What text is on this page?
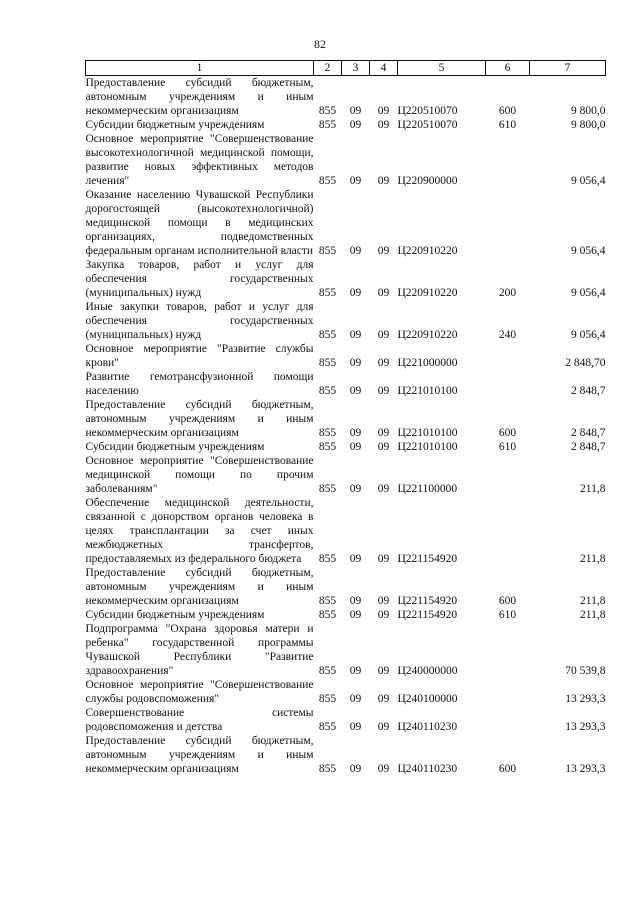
82
1	2	3	4	5	6	7
Предоставление субсидий бюджетным, автономным учреждениям и иным некоммерческим организациям	855	09	09	Ц220510070	600	9 800,0
Субсидии бюджетным учреждениям	855	09	09	Ц220510070	610	9 800,0
Основное мероприятие "Совершенствование высокотехнологичной медицинской помощи, развитие новых эффективных методов лечения"	855	09	09	Ц220900000		9 056,4
Оказание населению Чувашской Республики дорогостоящей (высокотехнологичной) медицинской помощи в медицинских организациях, подведомственных федеральным органам исполнительной власти	855	09	09	Ц220910220		9 056,4
Закупка товаров, работ и услуг для обеспечения государственных (муниципальных) нужд	855	09	09	Ц220910220	200	9 056,4
Иные закупки товаров, работ и услуг для обеспечения государственных (муниципальных) нужд	855	09	09	Ц220910220	240	9 056,4
Основное мероприятие "Развитие службы крови"	855	09	09	Ц221000000		2 848,70
Развитие гемотрансфузионной помощи населению	855	09	09	Ц221010100		2 848,7
Предоставление субсидий бюджетным, автономным учреждениям и иным некоммерческим организациям	855	09	09	Ц221010100	600	2 848,7
Субсидии бюджетным учреждениям	855	09	09	Ц221010100	610	2 848,7
Основное мероприятие "Совершенствование медицинской помощи по прочим заболеваниям"	855	09	09	Ц221100000		211,8
Обеспечение медицинской деятельности, связанной с донорством органов человека в целях трансплантации за счет иных межбюджетных трансфертов, предоставляемых из федерального бюджета	855	09	09	Ц221154920		211,8
Предоставление субсидий бюджетным, автономным учреждениям и иным некоммерческим организациям	855	09	09	Ц221154920	600	211,8
Субсидии бюджетным учреждениям	855	09	09	Ц221154920	610	211,8
Подпрограмма "Охрана здоровья матери и ребенка" государственной программы Чувашской Республики "Развитие здравоохранения"	855	09	09	Ц240000000		70 539,8
Основное мероприятие "Совершенствование службы родовспоможения"	855	09	09	Ц240100000		13 293,3
Совершенствование системы родовспоможения и детства	855	09	09	Ц240110230		13 293,3
Предоставление субсидий бюджетным, автономным учреждениям и иным некоммерческим организациям	855	09	09	Ц240110230	600	13 293,3
